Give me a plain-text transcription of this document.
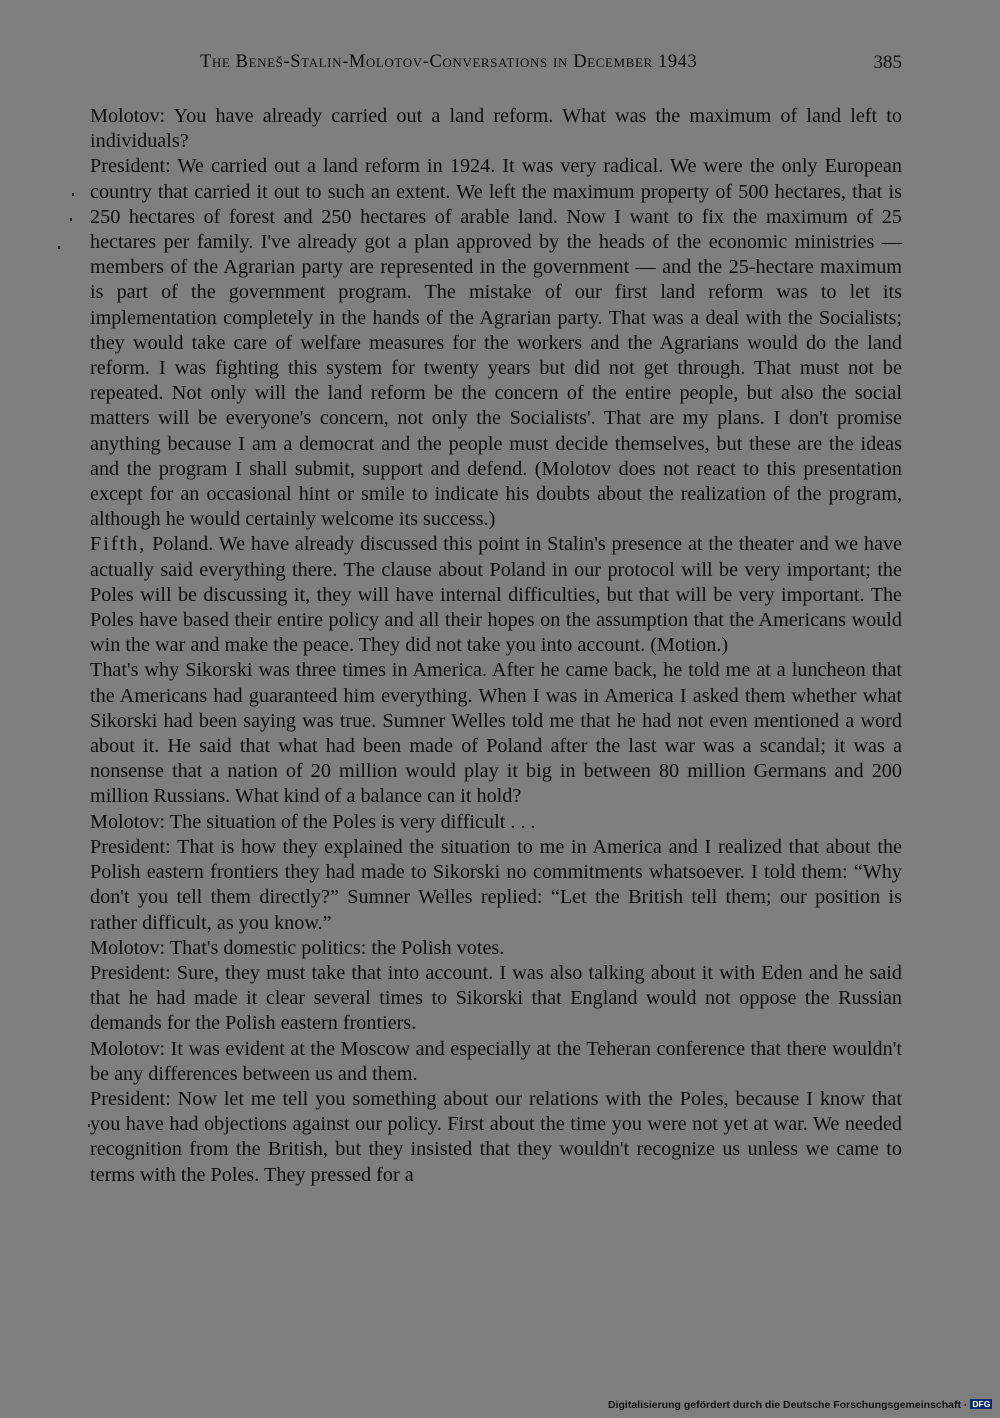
The Beneš-Stalin-Molotov-Conversations in December 1943	385

Molotov: You have already carried out a land reform. What was the maximum of land left to individuals?

President: We carried out a land reform in 1924. It was very radical. We were the only European country that carried it out to such an extent. We left the maximum property of 500 hectares, that is 250 hectares of forest and 250 hectares of arable land. Now I want to fix the maximum of 25 hectares per family. I've already got a plan approved by the heads of the economic ministries — members of the Agrarian party are represented in the government — and the 25-hectare maximum is part of the government program. The mistake of our first land reform was to let its implementation completely in the hands of the Agrarian party. That was a deal with the Socialists; they would take care of welfare measures for the workers and the Agrarians would do the land reform. I was fighting this system for twenty years but did not get through. That must not be repeated. Not only will the land reform be the concern of the entire people, but also the social matters will be everyone's concern, not only the Socialists'. That are my plans. I don't promise anything because I am a democrat and the people must decide themselves, but these are the ideas and the program I shall submit, support and defend. (Molotov does not react to this presentation except for an occasional hint or smile to indicate his doubts about the realization of the program, although he would certainly welcome its success.)

Fifth, Poland. We have already discussed this point in Stalin's presence at the theater and we have actually said everything there. The clause about Poland in our protocol will be very important; the Poles will be discussing it, they will have internal difficulties, but that will be very important. The Poles have based their entire policy and all their hopes on the assumption that the Americans would win the war and make the peace. They did not take you into account. (Motion.)

That's why Sikorski was three times in America. After he came back, he told me at a luncheon that the Americans had guaranteed him everything. When I was in America I asked them whether what Sikorski had been saying was true. Sumner Welles told me that he had not even mentioned a word about it. He said that what had been made of Poland after the last war was a scandal; it was a nonsense that a nation of 20 million would play it big in between 80 million Germans and 200 million Russians. What kind of a balance can it hold?

Molotov: The situation of the Poles is very difficult . . .

President: That is how they explained the situation to me in America and I realized that about the Polish eastern frontiers they had made to Sikorski no commitments whatsoever. I told them: “Why don't you tell them directly?” Sumner Welles replied: “Let the British tell them; our position is rather difficult, as you know.”

Molotov: That's domestic politics: the Polish votes.

President: Sure, they must take that into account. I was also talking about it with Eden and he said that he had made it clear several times to Sikorski that England would not oppose the Russian demands for the Polish eastern frontiers.

Molotov: It was evident at the Moscow and especially at the Teheran conference that there wouldn't be any differences between us and them.

President: Now let me tell you something about our relations with the Poles, because I know that you have had objections against our policy. First about the time you were not yet at war. We needed recognition from the British, but they insisted that they wouldn't recognize us unless we came to terms with the Poles. They pressed for a

Digitalisierung gefördert durch die Deutsche Forschungsgemeinschaft · DFG
